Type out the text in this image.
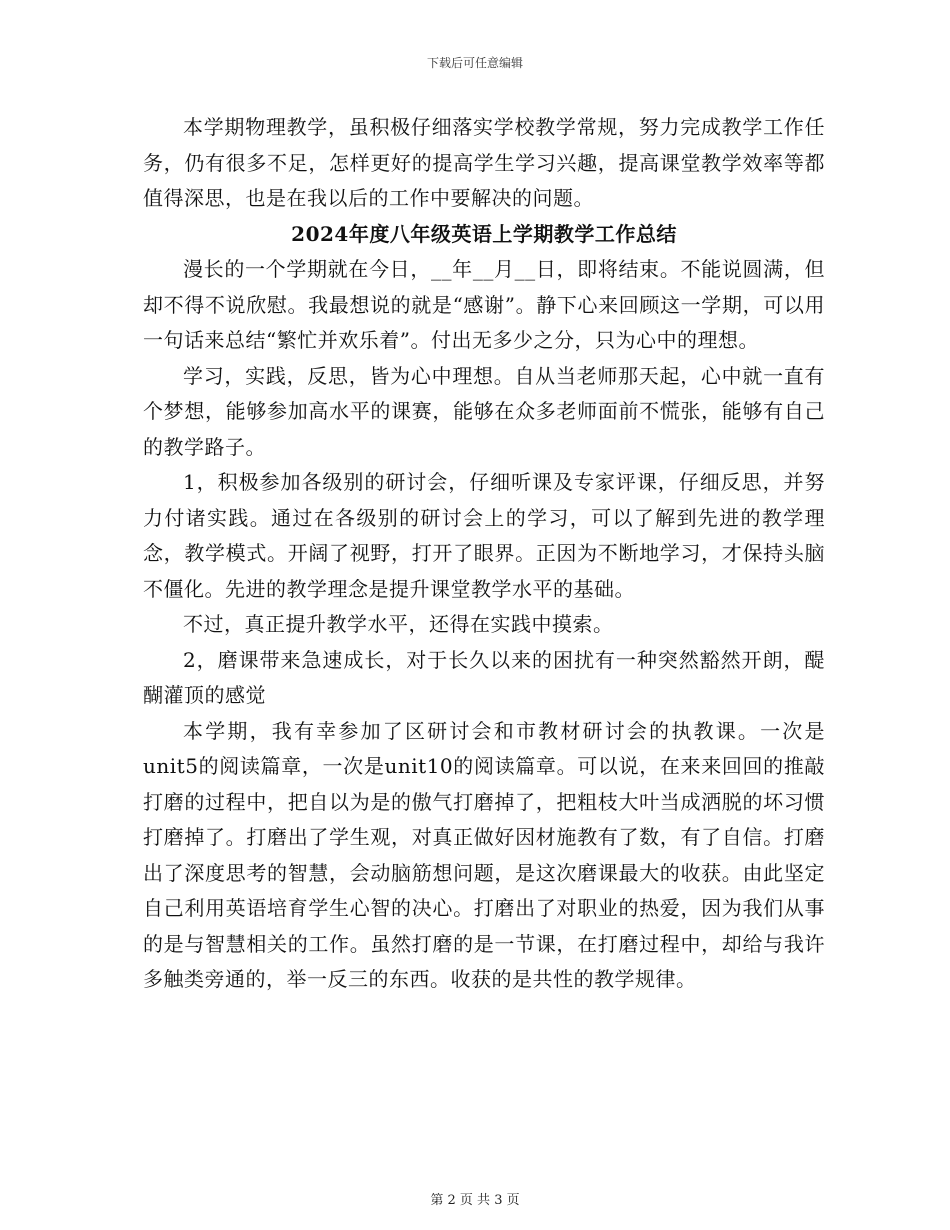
下载后可任意编辑

本学期物理教学，虽积极仔细落实学校教学常规，努力完成教学工作任务，仍有很多不足，怎样更好的提高学生学习兴趣，提高课堂教学效率等都值得深思，也是在我以后的工作中要解决的问题。

2024年度八年级英语上学期教学工作总结

漫长的一个学期就在今日，__年__月__日，即将结束。不能说圆满，但却不得不说欣慰。我最想说的就是“感谢”。静下心来回顾这一学期，可以用一句话来总结“繁忙并欢乐着”。付出无多少之分，只为心中的理想。

学习，实践，反思，皆为心中理想。自从当老师那天起，心中就一直有个梦想，能够参加高水平的课赛，能够在众多老师面前不慌张，能够有自己的教学路子。

1，积极参加各级别的研讨会，仔细听课及专家评课，仔细反思，并努力付诸实践。通过在各级别的研讨会上的学习，可以了解到先进的教学理念，教学模式。开阔了视野，打开了眼界。正因为不断地学习，才保持头脑不僵化。先进的教学理念是提升课堂教学水平的基础。

不过，真正提升教学水平，还得在实践中摸索。

2，磨课带来急速成长，对于长久以来的困扰有一种突然豁然开朗，醍醐灌顶的感觉

本学期，我有幸参加了区研讨会和市教材研讨会的执教课。一次是unit5的阅读篇章，一次是unit10的阅读篇章。可以说，在来来回回的推敲打磨的过程中，把自以为是的傲气打磨掉了，把粗枝大叶当成洒脱的坏习惯打磨掉了。打磨出了学生观，对真正做好因材施教有了数，有了自信。打磨出了深度思考的智慧，会动脑筋想问题，是这次磨课最大的收获。由此坚定自己利用英语培育学生心智的决心。打磨出了对职业的热爱，因为我们从事的是与智慧相关的工作。虽然打磨的是一节课，在打磨过程中，却给与我许多触类旁通的，举一反三的东西。收获的是共性的教学规律。

第 2 页 共 3 页
